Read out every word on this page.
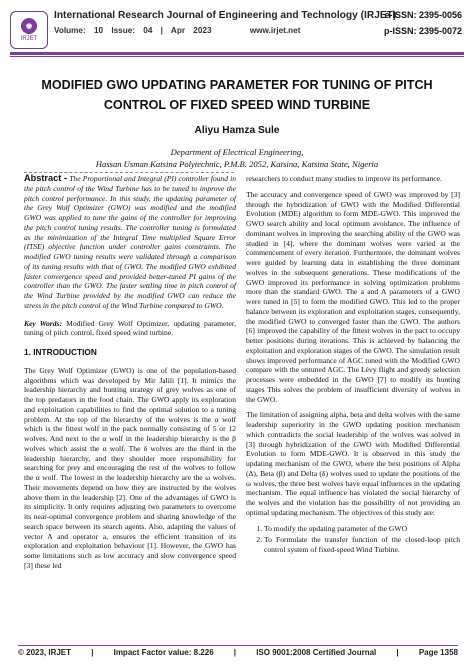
◉
IRJET
International Research Journal of Engineering and Technology (IRJET)
e-ISSN: 2395-0056
Volume: 10 Issue: 04 | Apr 2023	www.irjet.net	p-ISSN: 2395-0072
MODIFIED GWO UPDATING PARAMETER FOR TUNING OF PITCH
CONTROL OF FIXED SPEED WIND TURBINE
Aliyu Hamza Sule
Department of Electrical Engineering,
Hassan Usman Katsina Polytechnic, P.M.B. 2052, Katsina, Katsina State, Nigeria

Abstract - The Proportional and Integral (PI) controller found in the pitch control of the Wind Turbine has to be tuned to improve the pitch control performance. In this study, the updating parameter of the Grey Wolf Optimizer (GWO) was modified and the modified GWO was applied to tune the gains of the controller for improving the pitch control tuning results. The controller tuning is formulated as the minimization of the Integral Time multiplied Square Error (ITSE) objective function under controller gains constraints. The modified GWO tuning results were validated through a comparison of its tuning results with that of GWO. The modified GWO exhibited faster convergence speed and provided better-tuned PI gains of the controller than the GWO. The faster settling time in pitch control of the Wind Turbine provided by the modified GWO can reduce the stress in the pitch control of the Wind Turbine compared to GWO.

Key Words: Modified Grey Wolf Optimizer, updating parameter, tuning of pitch control, fixed speed wind turbine.

1. INTRODUCTION

The Grey Wolf Optimizer (GWO) is one of the population-based algorithms which was developed by Mir Jalili [1]. It mimics the leadership hierarchy and hunting strategy of grey wolves as one of the top predators in the food chain. The GWO apply its exploration and exploitation capabilities to find the optimal solution to a tuning problem. At the top of the hierarchy of the wolves is the α wolf which is the fittest wolf in the pack normally consisting of 5 or 12 wolves. And next to the α wolf in the leadership hierarchy is the β wolves which assist the α wolf. The δ wolves are the third in the leadership hierarchy, and they shoulder more responsibility for searching for prey and encouraging the rest of the wolves to follow the α wolf. The lowest in the leadership hierarchy are the ω wolves. Their movements depend on how they are instructed by the wolves above them in the leadership [2]. One of the advantages of GWO is its simplicity. It only requires adjusting two parameters to overcome its near-optimal convergence problem and sharing knowledge of the search space between its search agents. Also, adapting the values of vector A and operator a, ensures the efficient transition of its exploration and exploitation behaviour [1]. However, the GWO has some limitations such as low accuracy and slow convergence speed [3] these led

researchers to conduct many studies to improve its performance.

The accuracy and convergence speed of GWO was improved by [3] through the hybridization of GWO with the Modified Differential Evolution (MDE) algorithm to form MDE-GWO. This improved the GWO search ability and local optimum avoidance. The influence of dominant wolves in improving the searching ability of the GWO was studied in [4], where the dominant wolves were varied at the commencement of every iteration. Furthermore, the dominant wolves were guided by learning data in establishing the three dominant wolves in the subsequent generations. These modifications of the GWO improved its performance in solving optimization problems more than the standard GWO. The a and A parameters of a GWO were tuned in [5] to form the modified GWO. This led to the proper balance between its exploration and exploitation stages, consequently, the modified GWO to converged faster than the GWO. The authors [6] improved the capability of the fittest wolves in the pact to occupy better positions during iterations. This is achieved by balancing the exploitation and exploration stages of the GWO. The simulation result shows improved performance of AGC tuned with the Modified GWO compare with the untuned AGC. The Lévy flight and greedy selection processes were embedded in the GWO [7] to modify its hunting stages This solves the problem of insufficient diversity of wolves in the GWO.

The limitation of assigning alpha, beta and delta wolves with the same leadership superiority in the GWO updating position mechanism which contradicts the social leadership of the wolves was solved in [3] through hybridization of the GWO with Modified Differential Evolution to form MDE-GWO. It is observed in this study the updating mechanism of the GWO, where the best positions of Alpha (Δ), Beta (β) and Delta (δ) wolves used to update the positions of the ω wolves, the three best wolves have equal influences in the updating mechanism. The equal influence has violated the social hierarchy of the wolves and the violation has the possibility of not providing an optimal updating mechanism. The objectives of this study are:

1. To modify the updating parameter of the GWO
2. To Formulate the transfer function of the closed-loop pitch control system of fixed-speed Wind Turbine.
© 2023, IRJET	|	Impact Factor value: 8.226	|	ISO 9001:2008 Certified Journal	|	Page 1358
